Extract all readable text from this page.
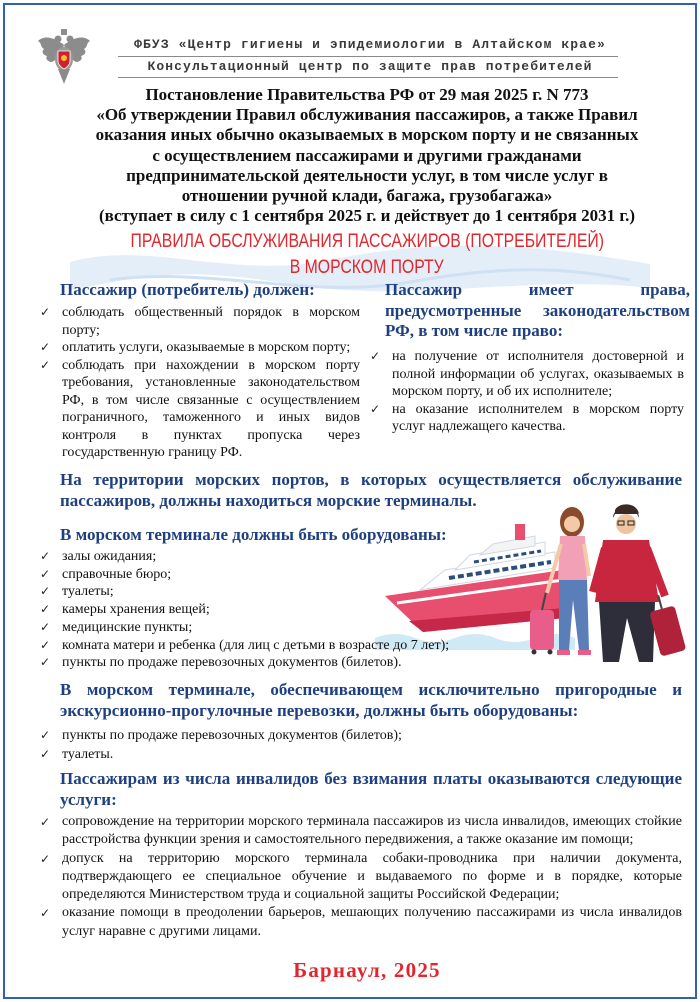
ФБУЗ «Центр гигиены и эпидемиологии в Алтайском крае»
Консультационный центр по защите прав потребителей
Постановление Правительства РФ от 29 мая 2025 г. N 773
«Об утверждении Правил обслуживания пассажиров, а также Правил
оказания иных обычно оказываемых в морском порту и не связанных
с осуществлением пассажирами и другими гражданами
предпринимательской деятельности услуг, в том числе услуг в
отношении ручной клади, багажа, грузобагажа»
(вступает в силу с 1 сентября 2025 г. и действует до 1 сентября 2031 г.)
ПРАВИЛА ОБСЛУЖИВАНИЯ ПАССАЖИРОВ (ПОТРЕБИТЕЛЕЙ)
В МОРСКОМ ПОРТУ
Пассажир (потребитель) должен:
✓
соблюдать общественный порядок в морском порту;
✓
оплатить услуги, оказываемые в морском порту;
✓
соблюдать при нахождении в морском порту требования, установленные законодательством РФ, в том числе связанные с осуществлением пограничного, таможенного и иных видов контроля в пунктах пропуска через государственную границу РФ.
Пассажир имеет права, предусмотренные законодательством РФ, в том числе право:
✓
на получение от исполнителя достоверной и полной информации об услугах, оказываемых в морском порту, и об их исполнителе;
✓
на оказание исполнителем в морском порту услуг надлежащего качества.
На территории морских портов, в которых осуществляется обслуживание пассажиров, должны находиться морские терминалы.
В морском терминале должны быть оборудованы:
✓
залы ожидания;
✓
справочные бюро;
✓
туалеты;
✓
камеры хранения вещей;
✓
медицинские пункты;
✓
комната матери и ребенка (для лиц с детьми в возрасте до 7 лет);
✓
пункты по продаже перевозочных документов (билетов).
В морском терминале, обеспечивающем исключительно пригородные и экскурсионно-прогулочные перевозки, должны быть оборудованы:
✓
пункты по продаже перевозочных документов (билетов);
✓
туалеты.
Пассажирам из числа инвалидов без взимания платы оказываются следующие услуги:
✓
сопровождение на территории морского терминала пассажиров из числа инвалидов, имеющих стойкие расстройства функции зрения и самостоятельного передвижения, а также оказание им помощи;
✓
допуск на территорию морского терминала собаки-проводника при наличии документа, подтверждающего ее специальное обучение и выдаваемого по форме и в порядке, которые определяются Министерством труда и социальной защиты Российской Федерации;
✓
оказание помощи в преодолении барьеров, мешающих получению пассажирами из числа инвалидов услуг наравне с другими лицами.
Барнаул, 2025
